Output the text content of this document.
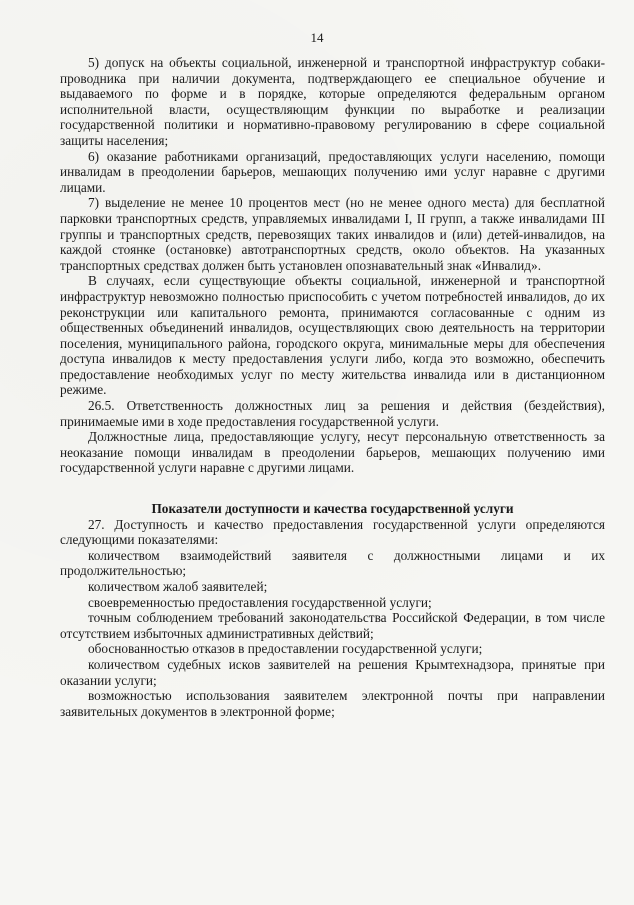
14

5) допуск на объекты социальной, инженерной и транспортной инфраструктур собаки-проводника при наличии документа, подтверждающего ее специальное обучение и выдаваемого по форме и в порядке, которые определяются федеральным органом исполнительной власти, осуществляющим функции по выработке и реализации государственной политики и нормативно-правовому регулированию в сфере социальной защиты населения;

6) оказание работниками организаций, предоставляющих услуги населению, помощи инвалидам в преодолении барьеров, мешающих получению ими услуг наравне с другими лицами.

7) выделение не менее 10 процентов мест (но не менее одного места) для бесплатной парковки транспортных средств, управляемых инвалидами I, II групп, а также инвалидами III группы и транспортных средств, перевозящих таких инвалидов и (или) детей-инвалидов, на каждой стоянке (остановке) автотранспортных средств, около объектов. На указанных транспортных средствах должен быть установлен опознавательный знак «Инвалид».

В случаях, если существующие объекты социальной, инженерной и транспортной инфраструктур невозможно полностью приспособить с учетом потребностей инвалидов, до их реконструкции или капитального ремонта, принимаются согласованные с одним из общественных объединений инвалидов, осуществляющих свою деятельность на территории поселения, муниципального района, городского округа, минимальные меры для обеспечения доступа инвалидов к месту предоставления услуги либо, когда это возможно, обеспечить предоставление необходимых услуг по месту жительства инвалида или в дистанционном режиме.

26.5. Ответственность должностных лиц за решения и действия (бездействия), принимаемые ими в ходе предоставления государственной услуги.

Должностные лица, предоставляющие услугу, несут персональную ответственность за неоказание помощи инвалидам в преодолении барьеров, мешающих получению ими государственной услуги наравне с другими лицами.

Показатели доступности и качества государственной услуги

27. Доступность и качество предоставления государственной услуги определяются следующими показателями:

количеством взаимодействий заявителя с должностными лицами и их продолжительностью;

количеством жалоб заявителей;

своевременностью предоставления государственной услуги;

точным соблюдением требований законодательства Российской Федерации, в том числе отсутствием избыточных административных действий;

обоснованностью отказов в предоставлении государственной услуги;

количеством судебных исков заявителей на решения Крымтехнадзора, принятые при оказании услуги;

возможностью использования заявителем электронной почты при направлении заявительных документов в электронной форме;
